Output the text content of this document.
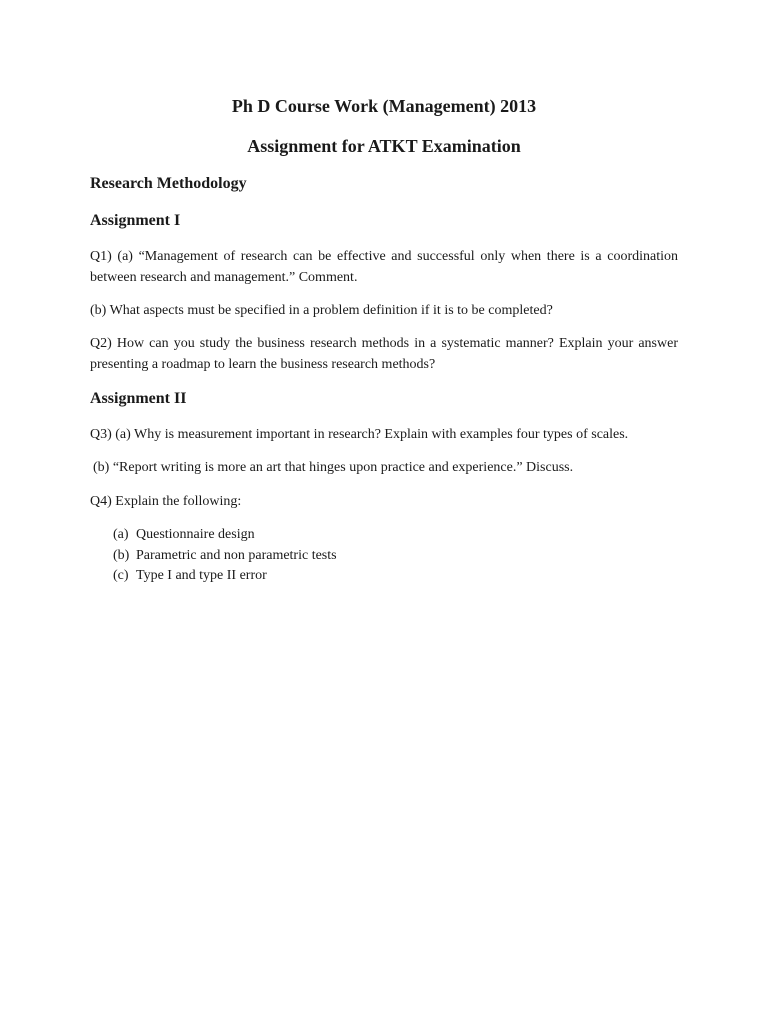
Ph D Course Work (Management) 2013
Assignment for ATKT Examination
Research Methodology
Assignment I

Q1) (a) “Management of research can be effective and successful only when there is a coordination between research and management.” Comment.

(b) What aspects must be specified in a problem definition if it is to be completed?

Q2) How can you study the business research methods in a systematic manner? Explain your answer presenting a roadmap to learn the business research methods?

Assignment II

Q3) (a) Why is measurement important in research? Explain with examples four types of scales.

(b) “Report writing is more an art that hinges upon practice and experience.” Discuss.

Q4) Explain the following:

(a) Questionnaire design
(b) Parametric and non parametric tests
(c) Type I and type II error
